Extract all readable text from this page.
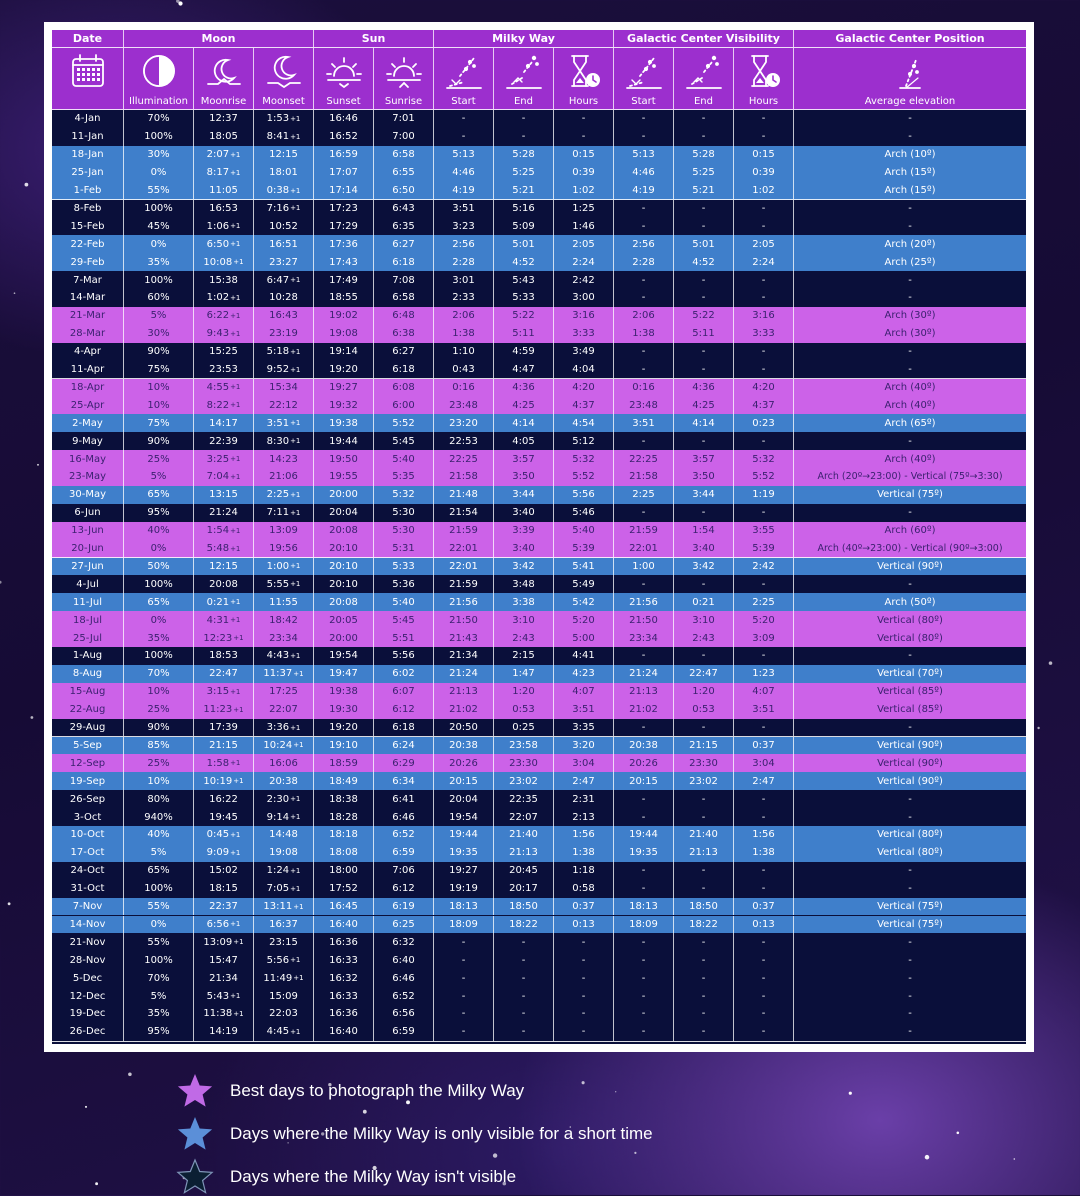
Date	Moon	Sun	Milky Way	Galactic Center Visibility	Galactic Center Position
Illumination	Moonrise	Moonset	Sunset	Sunrise	Start	End	Hours	Start	End	Hours	Average elevation
4-Jan	70%	12:37	1:53 +1	16:46	7:01	-	-	-	-	-	-	-
11-Jan	100%	18:05	8:41 +1	16:52	7:00	-	-	-	-	-	-	-
18-Jan	30%	2:07 +1	12:15	16:59	6:58	5:13	5:28	0:15	5:13	5:28	0:15	Arch (10º)
25-Jan	0%	8:17 +1	18:01	17:07	6:55	4:46	5:25	0:39	4:46	5:25	0:39	Arch (15º)
1-Feb	55%	11:05	0:38 +1	17:14	6:50	4:19	5:21	1:02	4:19	5:21	1:02	Arch (15º)
8-Feb	100%	16:53	7:16 +1	17:23	6:43	3:51	5:16	1:25	-	-	-	-
15-Feb	45%	1:06 +1	10:52	17:29	6:35	3:23	5:09	1:46	-	-	-	-
22-Feb	0%	6:50 +1	16:51	17:36	6:27	2:56	5:01	2:05	2:56	5:01	2:05	Arch (20º)
29-Feb	35%	10:08 +1	23:27	17:43	6:18	2:28	4:52	2:24	2:28	4:52	2:24	Arch (25º)
7-Mar	100%	15:38	6:47 +1	17:49	7:08	3:01	5:43	2:42	-	-	-	-
14-Mar	60%	1:02 +1	10:28	18:55	6:58	2:33	5:33	3:00	-	-	-	-
21-Mar	5%	6:22 +1	16:43	19:02	6:48	2:06	5:22	3:16	2:06	5:22	3:16	Arch (30º)
28-Mar	30%	9:43 +1	23:19	19:08	6:38	1:38	5:11	3:33	1:38	5:11	3:33	Arch (30º)
4-Apr	90%	15:25	5:18 +1	19:14	6:27	1:10	4:59	3:49	-	-	-	-
11-Apr	75%	23:53	9:52 +1	19:20	6:18	0:43	4:47	4:04	-	-	-	-
18-Apr	10%	4:55 +1	15:34	19:27	6:08	0:16	4:36	4:20	0:16	4:36	4:20	Arch (40º)
25-Apr	10%	8:22 +1	22:12	19:32	6:00	23:48	4:25	4:37	23:48	4:25	4:37	Arch (40º)
2-May	75%	14:17	3:51 +1	19:38	5:52	23:20	4:14	4:54	3:51	4:14	0:23	Arch (65º)
9-May	90%	22:39	8:30 +1	19:44	5:45	22:53	4:05	5:12	-	-	-	-
16-May	25%	3:25 +1	14:23	19:50	5:40	22:25	3:57	5:32	22:25	3:57	5:32	Arch (40º)
23-May	5%	7:04 +1	21:06	19:55	5:35	21:58	3:50	5:52	21:58	3:50	5:52	Arch (20º→23:00) - Vertical (75º→3:30)
30-May	65%	13:15	2:25 +1	20:00	5:32	21:48	3:44	5:56	2:25	3:44	1:19	Vertical (75º)
6-Jun	95%	21:24	7:11 +1	20:04	5:30	21:54	3:40	5:46	-	-	-	-
13-Jun	40%	1:54 +1	13:09	20:08	5:30	21:59	3:39	5:40	21:59	1:54	3:55	Arch (60º)
20-Jun	0%	5:48 +1	19:56	20:10	5:31	22:01	3:40	5:39	22:01	3:40	5:39	Arch (40º→23:00) - Vertical (90º→3:00)
27-Jun	50%	12:15	1:00 +1	20:10	5:33	22:01	3:42	5:41	1:00	3:42	2:42	Vertical (90º)
4-Jul	100%	20:08	5:55 +1	20:10	5:36	21:59	3:48	5:49	-	-	-	-
11-Jul	65%	0:21 +1	11:55	20:08	5:40	21:56	3:38	5:42	21:56	0:21	2:25	Arch (50º)
18-Jul	0%	4:31 +1	18:42	20:05	5:45	21:50	3:10	5:20	21:50	3:10	5:20	Vertical (80º)
25-Jul	35%	12:23 +1	23:34	20:00	5:51	21:43	2:43	5:00	23:34	2:43	3:09	Vertical (80º)
1-Aug	100%	18:53	4:43 +1	19:54	5:56	21:34	2:15	4:41	-	-	-	-
8-Aug	70%	22:47	11:37 +1	19:47	6:02	21:24	1:47	4:23	21:24	22:47	1:23	Vertical (70º)
15-Aug	10%	3:15 +1	17:25	19:38	6:07	21:13	1:20	4:07	21:13	1:20	4:07	Vertical (85º)
22-Aug	25%	11:23 +1	22:07	19:30	6:12	21:02	0:53	3:51	21:02	0:53	3:51	Vertical (85º)
29-Aug	90%	17:39	3:36 +1	19:20	6:18	20:50	0:25	3:35	-	-	-	-
5-Sep	85%	21:15	10:24 +1	19:10	6:24	20:38	23:58	3:20	20:38	21:15	0:37	Vertical (90º)
12-Sep	25%	1:58 +1	16:06	18:59	6:29	20:26	23:30	3:04	20:26	23:30	3:04	Vertical (90º)
19-Sep	10%	10:19 +1	20:38	18:49	6:34	20:15	23:02	2:47	20:15	23:02	2:47	Vertical (90º)
26-Sep	80%	16:22	2:30 +1	18:38	6:41	20:04	22:35	2:31	-	-	-	-
3-Oct	940%	19:45	9:14 +1	18:28	6:46	19:54	22:07	2:13	-	-	-	-
10-Oct	40%	0:45 +1	14:48	18:18	6:52	19:44	21:40	1:56	19:44	21:40	1:56	Vertical (80º)
17-Oct	5%	9:09 +1	19:08	18:08	6:59	19:35	21:13	1:38	19:35	21:13	1:38	Vertical (80º)
24-Oct	65%	15:02	1:24 +1	18:00	7:06	19:27	20:45	1:18	-	-	-	-
31-Oct	100%	18:15	7:05 +1	17:52	6:12	19:19	20:17	0:58	-	-	-	-
7-Nov	55%	22:37	13:11 +1	16:45	6:19	18:13	18:50	0:37	18:13	18:50	0:37	Vertical (75º)
14-Nov	0%	6:56 +1	16:37	16:40	6:25	18:09	18:22	0:13	18:09	18:22	0:13	Vertical (75º)
21-Nov	55%	13:09 +1	23:15	16:36	6:32	-	-	-	-	-	-	-
28-Nov	100%	15:47	5:56 +1	16:33	6:40	-	-	-	-	-	-	-
5-Dec	70%	21:34	11:49 +1	16:32	6:46	-	-	-	-	-	-	-
12-Dec	5%	5:43 +1	15:09	16:33	6:52	-	-	-	-	-	-	-
19-Dec	35%	11:38 +1	22:03	16:36	6:56	-	-	-	-	-	-	-
26-Dec	95%	14:19	4:45 +1	16:40	6:59	-	-	-	-	-	-	-
Best days to photograph the Milky Way
Days where the Milky Way is only visible for a short time
Days where the Milky Way isn't visible
